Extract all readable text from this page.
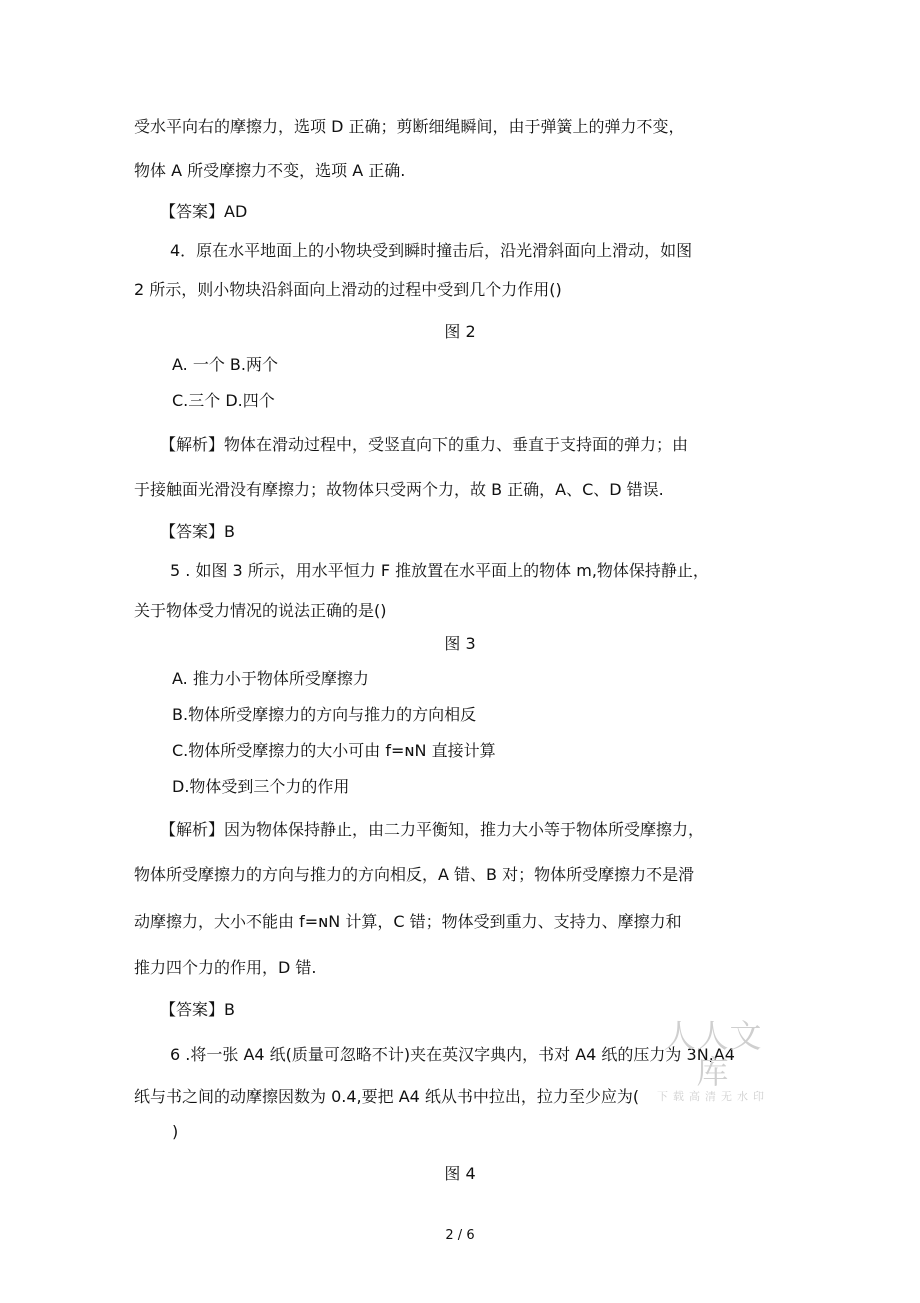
受水平向右的摩擦力，选项 D 正确；剪断细绳瞬间，由于弹簧上的弹力不变，
物体 A 所受摩擦力不变，选项 A 正确.
【答案】AD
4．原在水平地面上的小物块受到瞬时撞击后，沿光滑斜面向上滑动，如图
2 所示，则小物块沿斜面向上滑动的过程中受到几个力作用()
图 2
A. 一个 B.两个
C.三个 D.四个
【解析】物体在滑动过程中，受竖直向下的重力、垂直于支持面的弹力；由
于接触面光滑没有摩擦力；故物体只受两个力，故 B 正确，A、C、D 错误.
【答案】B
5 . 如图 3 所示，用水平恒力 F 推放置在水平面上的物体 m,物体保持静止，
关于物体受力情况的说法正确的是()
图 3
A. 推力小于物体所受摩擦力
B.物体所受摩擦力的方向与推力的方向相反
C.物体所受摩擦力的大小可由 f=ɴN 直接计算
D.物体受到三个力的作用
【解析】因为物体保持静止，由二力平衡知，推力大小等于物体所受摩擦力，
物体所受摩擦力的方向与推力的方向相反，A 错、B 对；物体所受摩擦力不是滑
动摩擦力，大小不能由 f=ɴN 计算，C 错；物体受到重力、支持力、摩擦力和
推力四个力的作用，D 错.
【答案】B
6 .将一张 A4 纸(质量可忽略不计)夹在英汉字典内，书对 A4 纸的压力为 3N,A4
纸与书之间的动摩擦因数为 0.4,要把 A4 纸从书中拉出，拉力至少应为(
)
图 4
人人文库
下载高清无水印
2 / 6
